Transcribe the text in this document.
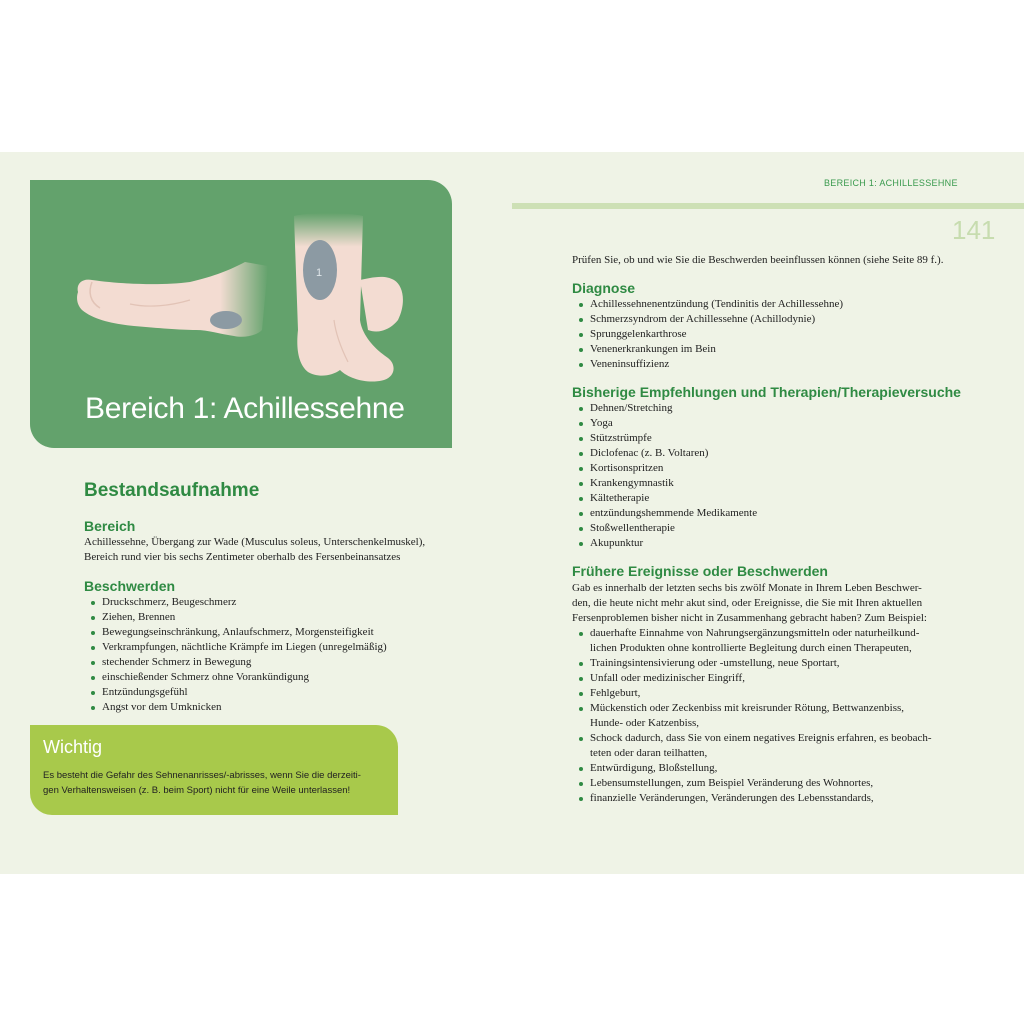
1
Bereich 1: Achillessehne
Bestandsaufnahme
Bereich

Achillessehne, Übergang zur Wade (Musculus soleus, Unterschenkelmuskel),
Bereich rund vier bis sechs Zentimeter oberhalb des Fersenbeinansatzes

Beschwerden
Druckschmerz, Beugeschmerz
Ziehen, Brennen
Bewegungseinschränkung, Anlaufschmerz, Morgensteifigkeit
Verkrampfungen, nächtliche Krämpfe im Liegen (unregelmäßig)
stechender Schmerz in Bewegung
einschießender Schmerz ohne Vorankündigung
Entzündungsgefühl
Angst vor dem Umknicken
Wichtig

Es besteht die Gefahr des Sehnenanrisses/-abrisses, wenn Sie die derzeiti-
gen Verhaltensweisen (z. B. beim Sport) nicht für eine Weile unterlassen!

BEREICH 1: ACHILLESSEHNE

141

Prüfen Sie, ob und wie Sie die Beschwerden beeinflussen können (siehe Seite 89 f.).

Diagnose
Achillessehnenentzündung (Tendinitis der Achillessehne)
Schmerzsyndrom der Achillessehne (Achillodynie)
Sprunggelenkarthrose
Venenerkrankungen im Bein
Veneninsuffizienz
Bisherige Empfehlungen und Therapien/Therapieversuche
Dehnen/Stretching
Yoga
Stützstrümpfe
Diclofenac (z. B. Voltaren)
Kortisonspritzen
Krankengymnastik
Kältetherapie
entzündungshemmende Medikamente
Stoßwellentherapie
Akupunktur
Frühere Ereignisse oder Beschwerden

Gab es innerhalb der letzten sechs bis zwölf Monate in Ihrem Leben Beschwer-
den, die heute nicht mehr akut sind, oder Ereignisse, die Sie mit Ihren aktuellen
Fersenproblemen bisher nicht in Zusammenhang gebracht haben? Zum Beispiel:

dauerhafte Einnahme von Nahrungsergänzungsmitteln oder naturheilkund-
lichen Produkten ohne kontrollierte Begleitung durch einen Therapeuten,
Trainingsintensivierung oder -umstellung, neue Sportart,
Unfall oder medizinischer Eingriff,
Fehlgeburt,
Mückenstich oder Zeckenbiss mit kreisrunder Rötung, Bettwanzenbiss,
Hunde- oder Katzenbiss,
Schock dadurch, dass Sie von einem negatives Ereignis erfahren, es beobach-
teten oder daran teilhatten,
Entwürdigung, Bloßstellung,
Lebensumstellungen, zum Beispiel Veränderung des Wohnortes,
finanzielle Veränderungen, Veränderungen des Lebensstandards,
